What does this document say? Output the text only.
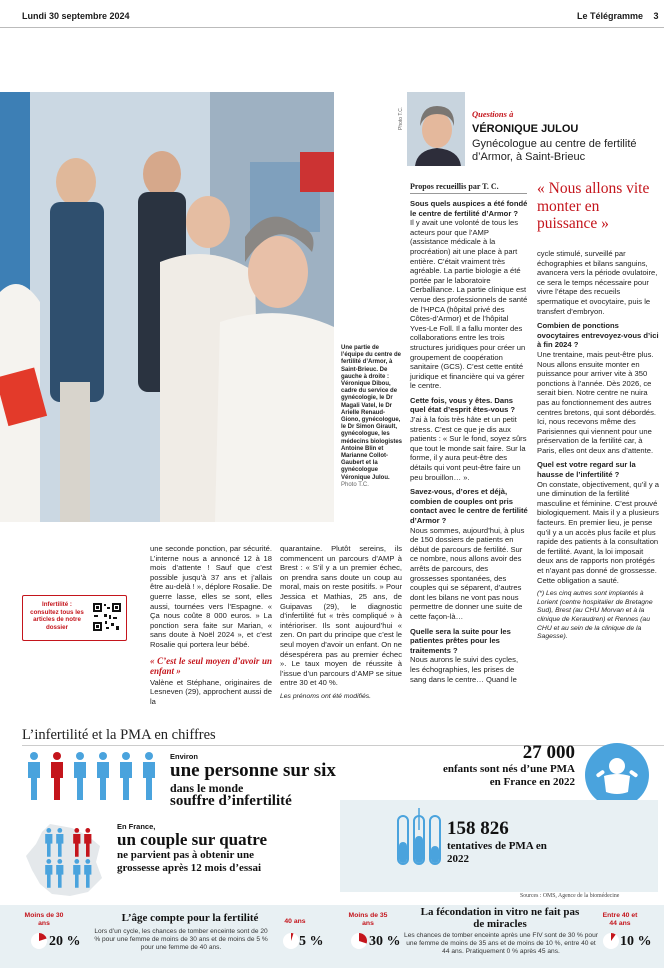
Lundi 30 septembre 2024	Le Télégramme 3
Une partie de l’équipe du centre de fertilité d’Armor, à Saint-Brieuc. De gauche à droite : Véronique Dibou, cadre du service de gynécologie, le Dr Magali Vatel, le Dr Arielle Renaud-Giono, gynécologue, le Dr Simon Girault, gynécologue, les médecins biologistes Antoine Blin et Marianne Collot-Gaubert et la gynécologue Véronique Julou. Photo T.C.
Photo T.C.	Questions à
VÉRONIQUE JULOU
Gynécologue au centre de fertilité d’Armor, à Saint-Brieuc
Propos recueillis par T. C. « Nous allons vite monter en puissance »

Sous quels auspices a été fondé le centre de fertilité d’Armor ?
Il y avait une volonté de tous les acteurs pour que l’AMP (assistance médicale à la procréation) ait une place à part entière. C’était vraiment très agréable. La partie biologie a été portée par le laboratoire Cerballiance. La partie clinique est venue des professionnels de santé de l’HPCA (hôpital privé des Côtes-d’Armor) et de l’hôpital Yves-Le Foll. Il a fallu monter des collaborations entre les trois structures juridiques pour créer un groupement de coopération sanitaire (GCS). C’est cette entité juridique et financière qui va gérer le centre.

Cette fois, vous y êtes. Dans quel état d’esprit êtes-vous ?
J’ai à la fois très hâte et un petit stress. C’est ce que je dis aux patients : « Sur le fond, soyez sûrs que tout le monde sait faire. Sur la forme, il y aura peut-être des détails qui vont peut-être faire un peu brouillon… ».

Savez-vous, d’ores et déjà, combien de couples ont pris contact avec le centre de fertilité d’Armor ?
Nous sommes, aujourd’hui, à plus de 150 dossiers de patients en début de parcours de fertilité. Sur ce nombre, nous allons avoir des arrêts de parcours, des grossesses spontanées, des couples qui se séparent, d’autres dont les bilans ne vont pas nous permettre de donner une suite de cette façon-là…

Quelle sera la suite pour les patientes prêtes pour les traitements ?
Nous aurons le suivi des cycles, les échographies, les prises de sang dans le centre… Quand le

cycle stimulé, surveillé par échographies et bilans sanguins, avancera vers la période ovulatoire, ce sera le temps nécessaire pour vivre l’étape des recueils spermatique et ovocytaire, puis le transfert d’embryon.

Combien de ponctions ovocytaires entrevoyez-vous d’ici à fin 2024 ?
Une trentaine, mais peut-être plus. Nous allons ensuite monter en puissance pour arriver vite à 350 ponctions à l’année. Dès 2026, ce serait bien. Notre centre ne nuira pas au fonctionnement des autres centres bretons, qui sont débordés. Ici, nous recevons même des Parisiennes qui viennent pour une préservation de la fertilité car, à Paris, elles ont deux ans d’attente.

Quel est votre regard sur la hausse de l’infertilité ?
On constate, objectivement, qu’il y a une diminution de la fertilité masculine et féminine. C’est prouvé biologiquement. Mais il y a plusieurs facteurs. En premier lieu, je pense qu’il y a un accès plus facile et plus rapide des patients à la consultation de fertilité. Avant, la loi imposait deux ans de rapports non protégés et n’ayant pas donné de grossesse. Cette obligation a sauté.

(*) Les cinq autres sont implantés à Lorient (centre hospitalier de Bretagne Sud), Brest (au CHU Morvan et à la clinique de Keraudren) et Rennes (au CHU et au sein de la clinique de la Sagesse).

une seconde ponction, par sécurité. L’interne nous a annoncé 12 à 18 mois d’attente ! Sauf que c’est possible jusqu’à 37 ans et j’allais être au-delà ! », déplore Rosalie. De guerre lasse, elles se sont, elles aussi, tournées vers l’Espagne. « Ça nous coûte 8 000 euros. » La ponction sera faite sur Marian, « sans doute à Noël 2024 », et c’est Rosalie qui portera leur bébé.

« C’est le seul moyen d’avoir un enfant »

Valène et Stéphane, originaires de Lesneven (29), approchent aussi de la

quarantaine. Plutôt sereins, ils commencent un parcours d’AMP à Brest : « S’il y a un premier échec, on prendra sans doute un coup au moral, mais on reste positifs. » Pour Jessica et Mathias, 25 ans, de Guipavas (29), le diagnostic d’infertilité fut « très compliqué » à intérioriser. Ils sont aujourd’hui « zen. On part du principe que c’est le seul moyen d’avoir un enfant. On ne désespérera pas au premier échec ». Le taux moyen de réussite à l’issue d’un parcours d’AMP se situe entre 30 et 40 %.

Les prénoms ont été modifiés.

Infertilité : consultez tous les articles de notre dossier
L’infertilité et la PMA en chiffres
Environ
une personne sur six
dans le monde
souffre d’infertilité
En France,
un couple sur quatre
ne parvient pas à obtenir une grossesse après 12 mois d’essai
27 000
enfants sont nés d’une PMA en France en 2022
158 826
tentatives de PMA en 2022
Sources : OMS, Agence de la biomédecine
Moins de 30 ans
20 %
L’âge compte pour la fertilité
Lors d’un cycle, les chances de tomber enceinte sont de 20 % pour une femme de moins de 30 ans et de moins de 5 % pour une femme de 40 ans.
40 ans
5 %
Moins de 35 ans
30 %
La fécondation in vitro ne fait pas de miracles
Les chances de tomber enceinte après une FIV sont de 30 % pour une femme de moins de 35 ans et de moins de 10 %, entre 40 et 44 ans. Pratiquement 0 % après 45 ans.
Entre 40 et 44 ans
10 %
